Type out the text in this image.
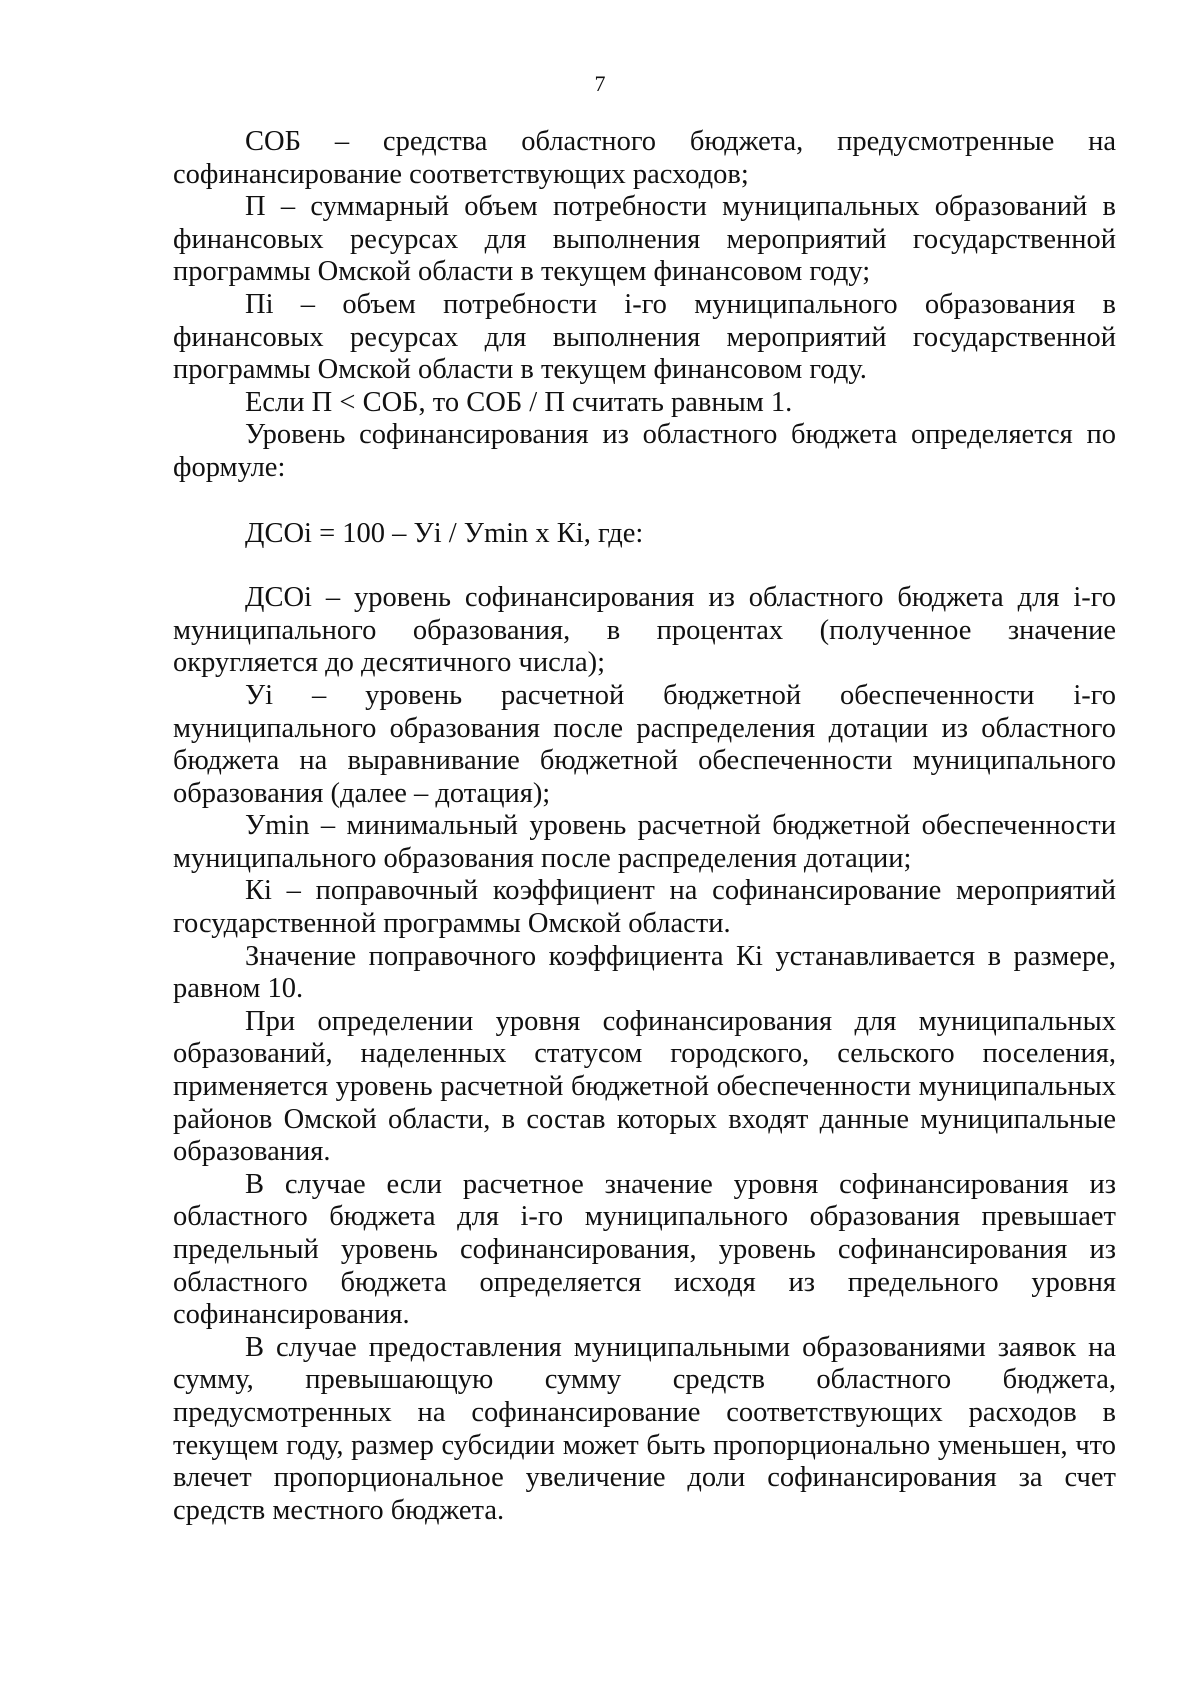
7

СОБ – средства областного бюджета, предусмотренные на софинансирование соответствующих расходов;

П – суммарный объем потребности муниципальных образований в финансовых ресурсах для выполнения мероприятий государственной программы Омской области в текущем финансовом году;

Пi – объем потребности i-го муниципального образования в финансовых ресурсах для выполнения мероприятий государственной программы Омской области в текущем финансовом году.

Если П < СОБ, то СОБ / П считать равным 1.

Уровень софинансирования из областного бюджета определяется по формуле:

ДСОi = 100 – Уi / Уmin х Кi, где:

ДСОi – уровень софинансирования из областного бюджета для i-го муниципального образования, в процентах (полученное значение округляется до десятичного числа);

Уi – уровень расчетной бюджетной обеспеченности i-го муниципального образования после распределения дотации из областного бюджета на выравнивание бюджетной обеспеченности муниципального образования (далее – дотация);

Уmin – минимальный уровень расчетной бюджетной обеспеченности муниципального образования после распределения дотации;

Кi – поправочный коэффициент на софинансирование мероприятий государственной программы Омской области.

Значение поправочного коэффициента Кi устанавливается в размере, равном 10.

При определении уровня софинансирования для муниципальных образований, наделенных статусом городского, сельского поселения, применяется уровень расчетной бюджетной обеспеченности муниципальных районов Омской области, в состав которых входят данные муниципальные образования.

В случае если расчетное значение уровня софинансирования из областного бюджета для i-го муниципального образования превышает предельный уровень софинансирования, уровень софинансирования из областного бюджета определяется исходя из предельного уровня софинансирования.

В случае предоставления муниципальными образованиями заявок на сумму, превышающую сумму средств областного бюджета, предусмотренных на софинансирование соответствующих расходов в текущем году, размер субсидии может быть пропорционально уменьшен, что влечет пропорциональное увеличение доли софинансирования за счет средств местного бюджета.
